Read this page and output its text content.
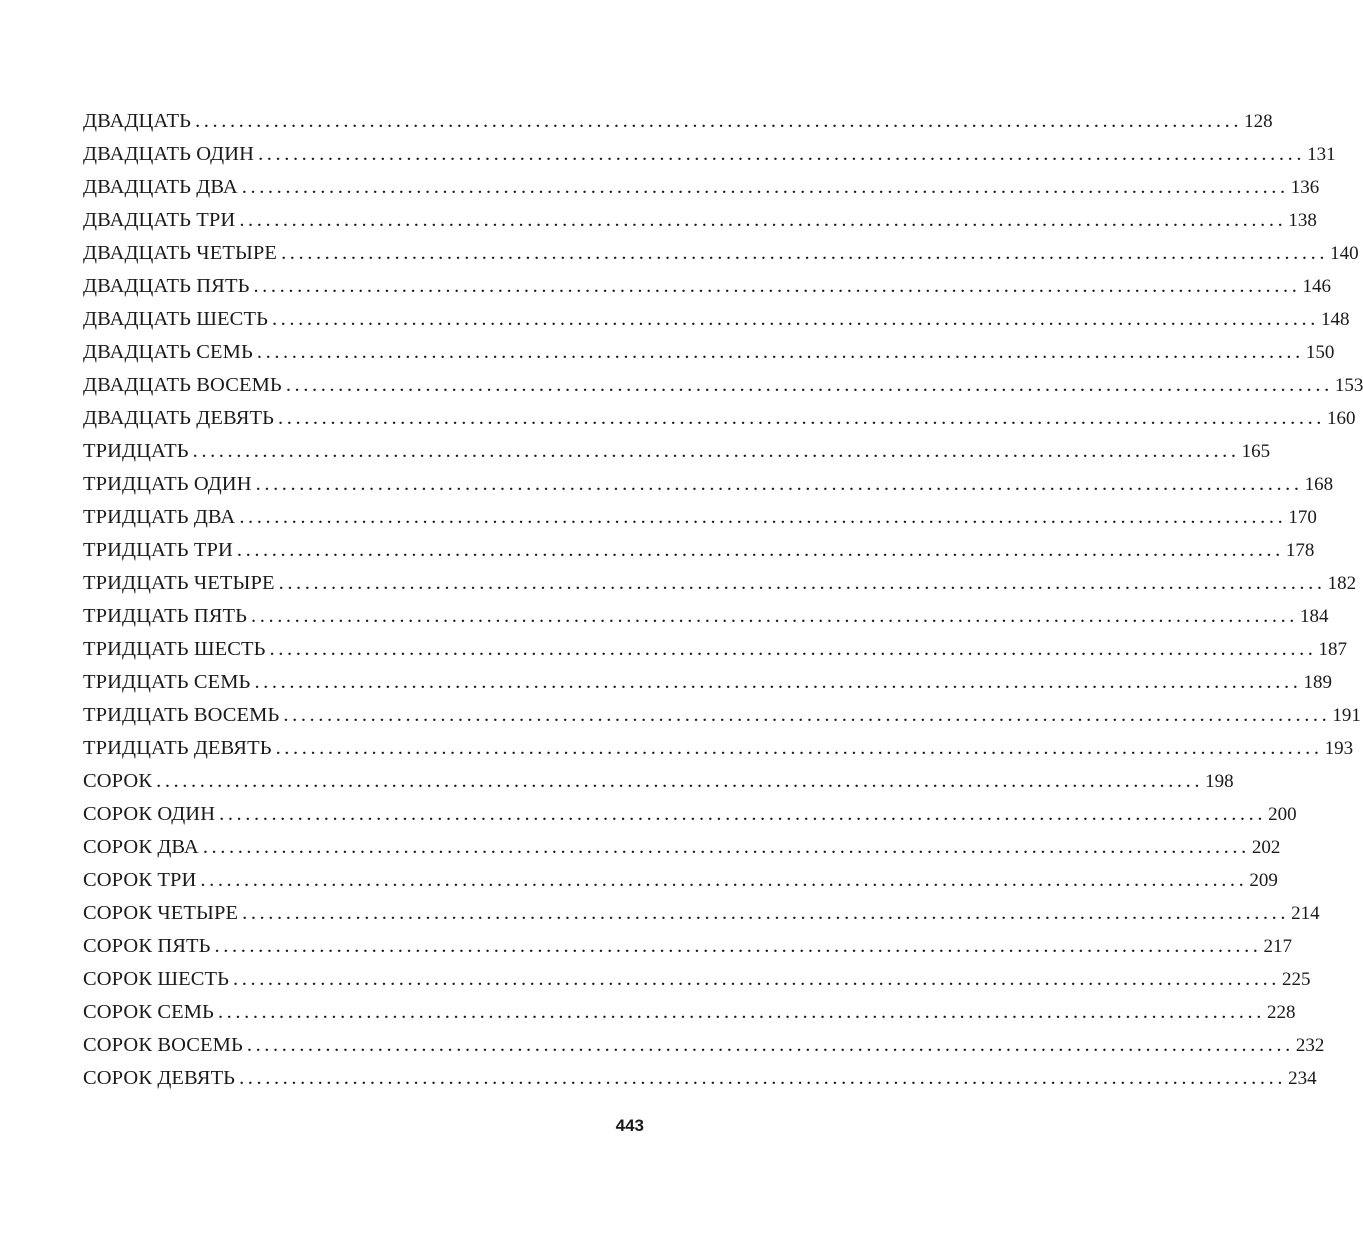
ДВАДЦАТЬ ........................................................................................................................ 128
ДВАДЦАТЬ ОДИН ........................................................................................................................ 131
ДВАДЦАТЬ ДВА ........................................................................................................................ 136
ДВАДЦАТЬ ТРИ ........................................................................................................................ 138
ДВАДЦАТЬ ЧЕТЫРЕ ........................................................................................................................ 140
ДВАДЦАТЬ ПЯТЬ ........................................................................................................................ 146
ДВАДЦАТЬ ШЕСТЬ ........................................................................................................................ 148
ДВАДЦАТЬ СЕМЬ ........................................................................................................................ 150
ДВАДЦАТЬ ВОСЕМЬ ........................................................................................................................ 153
ДВАДЦАТЬ ДЕВЯТЬ ........................................................................................................................ 160
ТРИДЦАТЬ ........................................................................................................................ 165
ТРИДЦАТЬ ОДИН ........................................................................................................................ 168
ТРИДЦАТЬ ДВА ........................................................................................................................ 170
ТРИДЦАТЬ ТРИ ........................................................................................................................ 178
ТРИДЦАТЬ ЧЕТЫРЕ ........................................................................................................................ 182
ТРИДЦАТЬ ПЯТЬ ........................................................................................................................ 184
ТРИДЦАТЬ ШЕСТЬ ........................................................................................................................ 187
ТРИДЦАТЬ СЕМЬ ........................................................................................................................ 189
ТРИДЦАТЬ ВОСЕМЬ ........................................................................................................................ 191
ТРИДЦАТЬ ДЕВЯТЬ ........................................................................................................................ 193
СОРОК ........................................................................................................................ 198
СОРОК ОДИН ........................................................................................................................ 200
СОРОК ДВА ........................................................................................................................ 202
СОРОК ТРИ ........................................................................................................................ 209
СОРОК ЧЕТЫРЕ ........................................................................................................................ 214
СОРОК ПЯТЬ ........................................................................................................................ 217
СОРОК ШЕСТЬ ........................................................................................................................ 225
СОРОК СЕМЬ ........................................................................................................................ 228
СОРОК ВОСЕМЬ ........................................................................................................................ 232
СОРОК ДЕВЯТЬ ........................................................................................................................ 234
443
